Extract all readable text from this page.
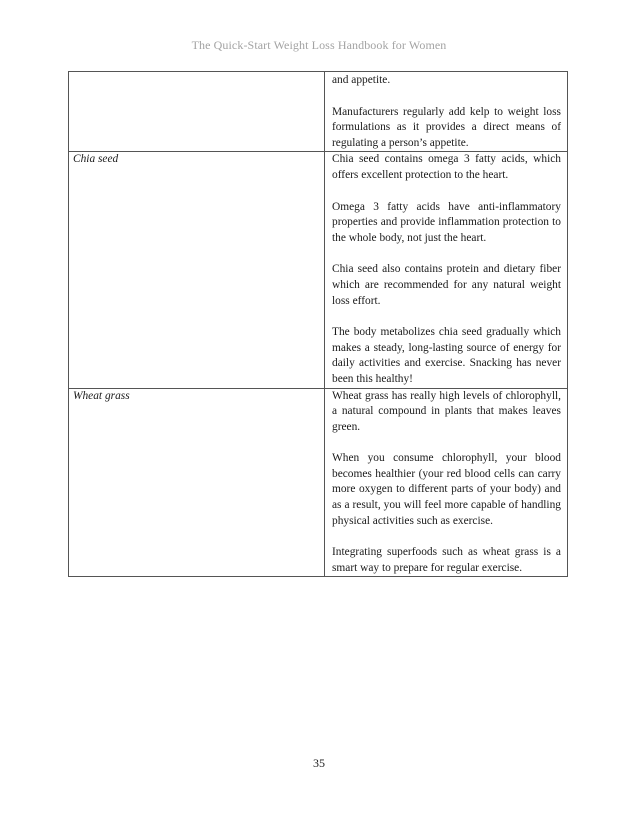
The Quick-Start Weight Loss Handbook for Women

	and appetite.

Manufacturers regularly add kelp to weight loss formulations as it provides a direct means of regulating a person’s appetite.

Chia seed	Chia seed contains omega 3 fatty acids, which offers excellent protection to the heart.

Omega 3 fatty acids have anti-inflammatory properties and provide inflammation protection to the whole body, not just the heart.

Chia seed also contains protein and dietary fiber which are recommended for any natural weight loss effort.

The body metabolizes chia seed gradually which makes a steady, long-lasting source of energy for daily activities and exercise. Snacking has never been this healthy!

Wheat grass	Wheat grass has really high levels of chlorophyll, a natural compound in plants that makes leaves green.

When you consume chlorophyll, your blood becomes healthier (your red blood cells can carry more oxygen to different parts of your body) and as a result, you will feel more capable of handling physical activities such as exercise.

Integrating superfoods such as wheat grass is a smart way to prepare for regular exercise.

35
